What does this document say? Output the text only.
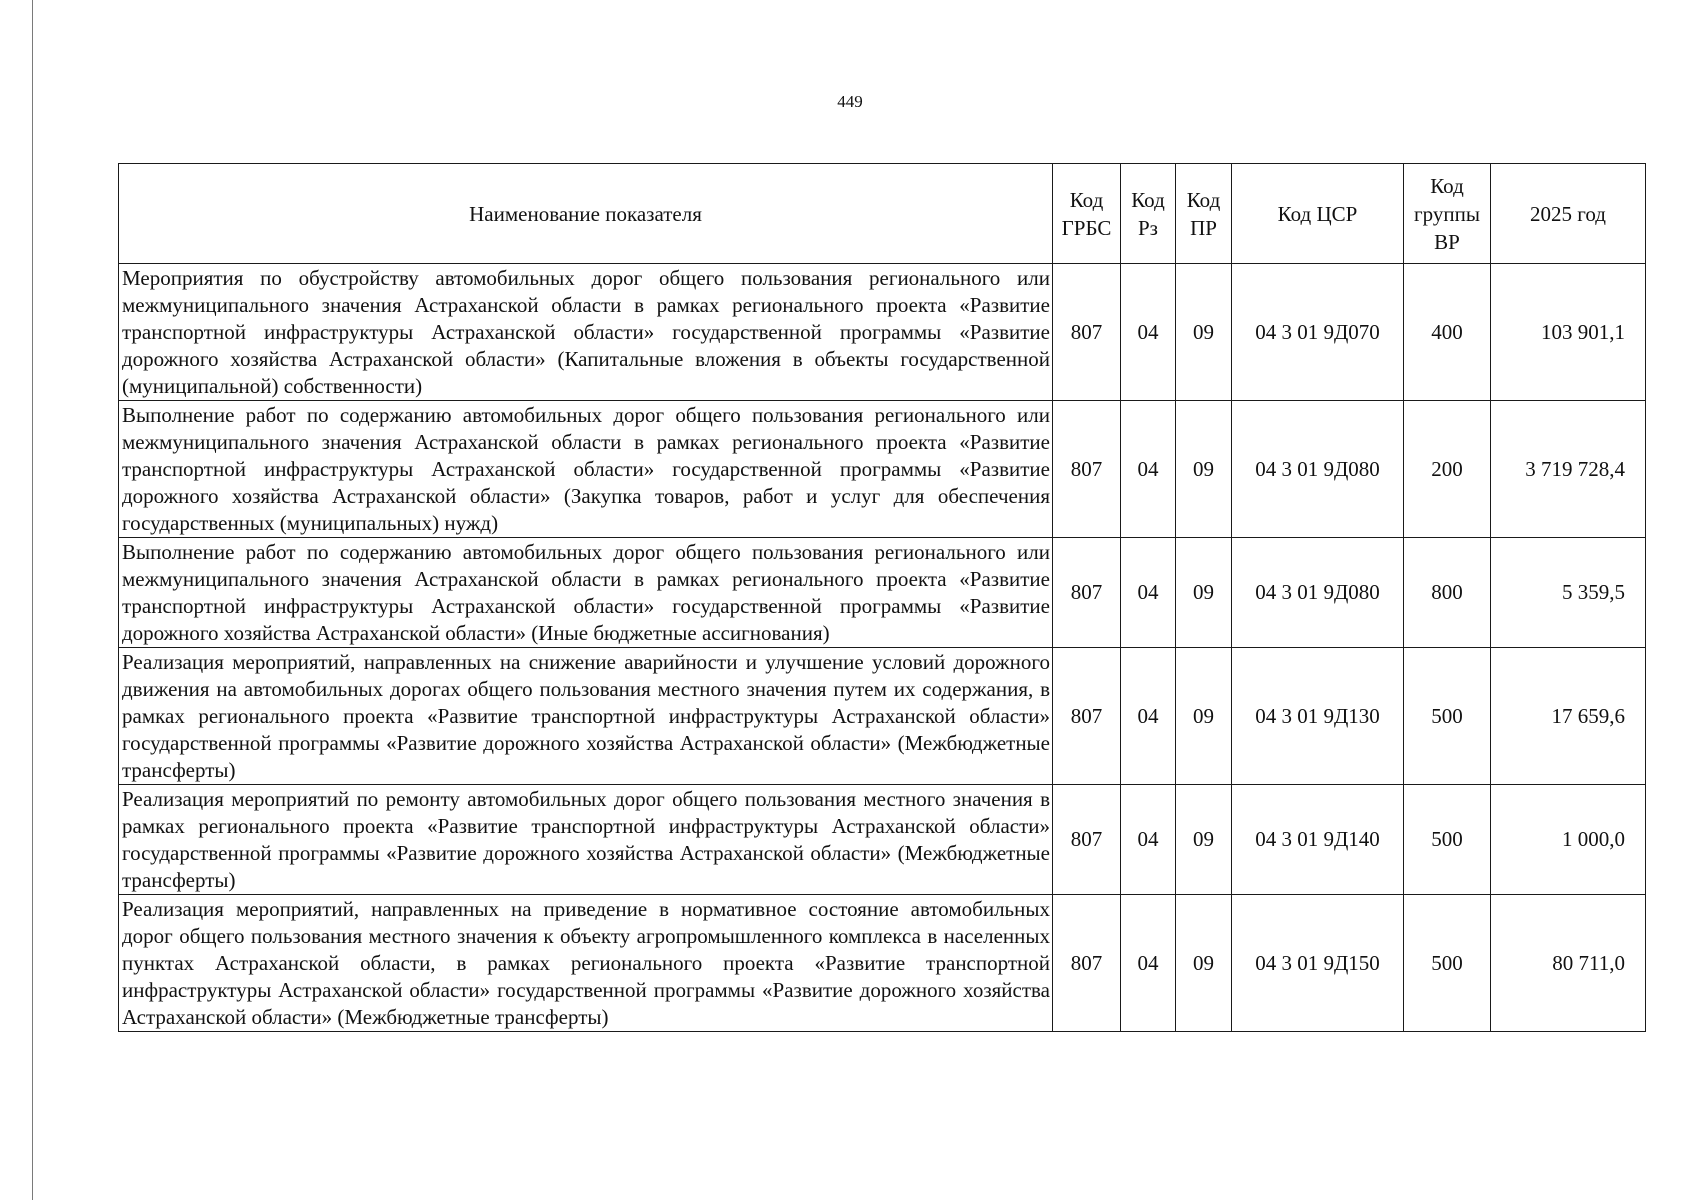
449
Наименование показателя	Код ГРБС	Код Рз	Код ПР	Код ЦСР	Код группы ВР	2025 год
Мероприятия по обустройству автомобильных дорог общего пользования регионального или межмуниципального значения Астраханской области в рамках регионального проекта «Развитие транспортной инфраструктуры Астраханской области» государственной программы «Развитие дорожного хозяйства Астраханской области» (Капитальные вложения в объекты государственной (муниципальной) собственности)	807	04	09	04 3 01 9Д070	400	103 901,1
Выполнение работ по содержанию автомобильных дорог общего пользования регионального или межмуниципального значения Астраханской области в рамках регионального проекта «Развитие транспортной инфраструктуры Астраханской области» государственной программы «Развитие дорожного хозяйства Астраханской области» (Закупка товаров, работ и услуг для обеспечения государственных (муниципальных) нужд)	807	04	09	04 3 01 9Д080	200	3 719 728,4
Выполнение работ по содержанию автомобильных дорог общего пользования регионального или межмуниципального значения Астраханской области в рамках регионального проекта «Развитие транспортной инфраструктуры Астраханской области» государственной программы «Развитие дорожного хозяйства Астраханской области» (Иные бюджетные ассигнования)	807	04	09	04 3 01 9Д080	800	5 359,5
Реализация мероприятий, направленных на снижение аварийности и улучшение условий дорожного движения на автомобильных дорогах общего пользования местного значения путем их содержания, в рамках регионального проекта «Развитие транспортной инфраструктуры Астраханской области» государственной программы «Развитие дорожного хозяйства Астраханской области» (Межбюджетные трансферты)	807	04	09	04 3 01 9Д130	500	17 659,6
Реализация мероприятий по ремонту автомобильных дорог общего пользования местного значения в рамках регионального проекта «Развитие транспортной инфраструктуры Астраханской области» государственной программы «Развитие дорожного хозяйства Астраханской области» (Межбюджетные трансферты)	807	04	09	04 3 01 9Д140	500	1 000,0
Реализация мероприятий, направленных на приведение в нормативное состояние автомобильных дорог общего пользования местного значения к объекту агропромышленного комплекса в населенных пунктах Астраханской области, в рамках регионального проекта «Развитие транспортной инфраструктуры Астраханской области» государственной программы «Развитие дорожного хозяйства Астраханской области» (Межбюджетные трансферты)	807	04	09	04 3 01 9Д150	500	80 711,0
